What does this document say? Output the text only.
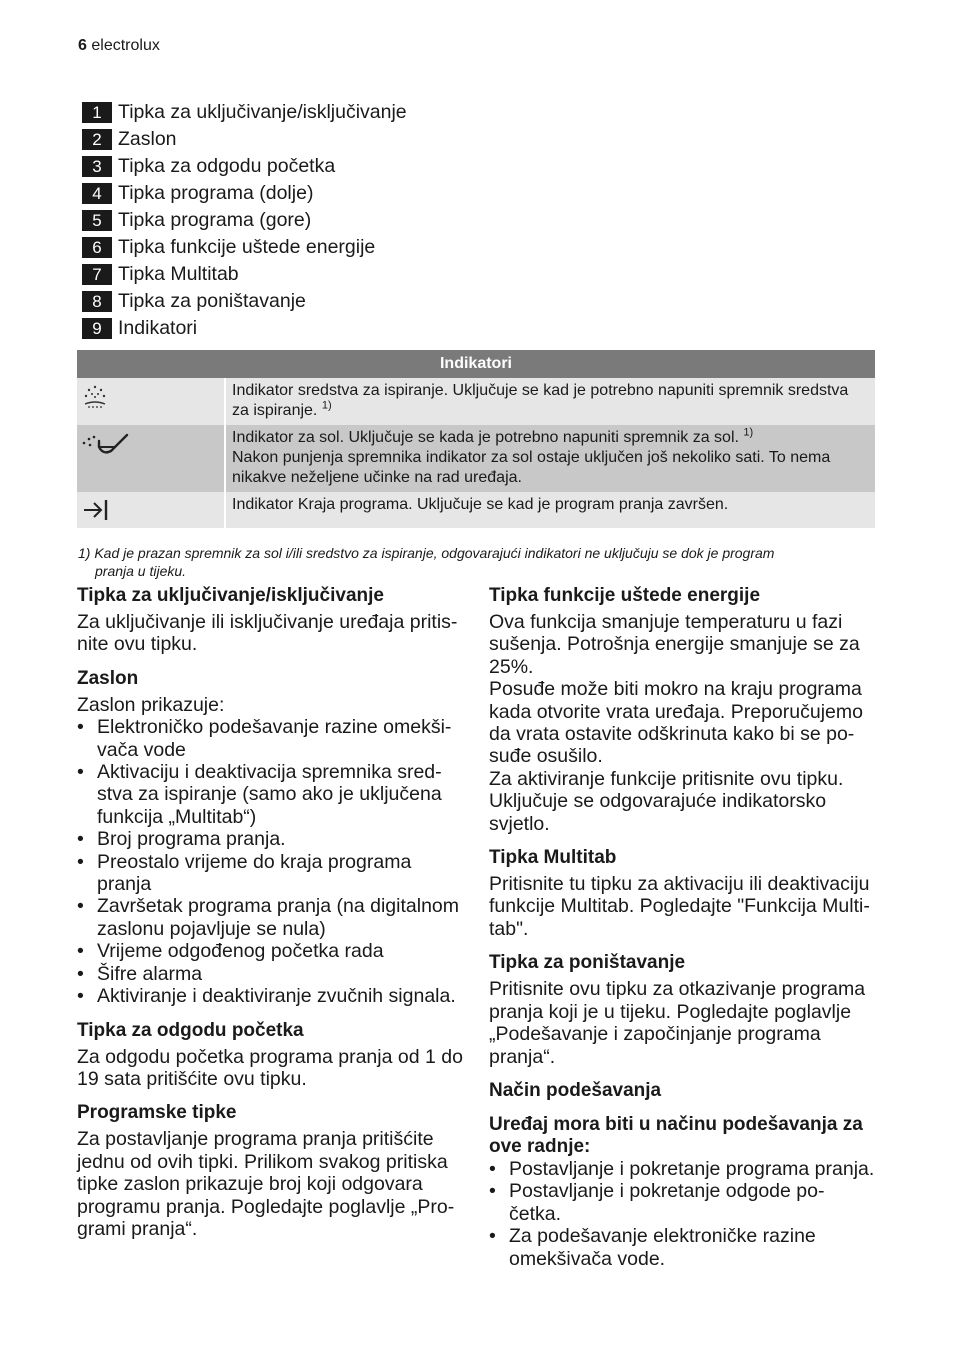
6 electrolux
1 Tipka za uključivanje/isključivanje
2 Zaslon
3 Tipka za odgodu početka
4 Tipka programa (dolje)
5 Tipka programa (gore)
6 Tipka funkcije uštede energije
7 Tipka Multitab
8 Tipka za poništavanje
9 Indikatori
Indikatori	
	Indikator sredstva za ispiranje. Uključuje se kad je potrebno napuniti spremnik sredstva za ispiranje. $^{1)}$
	Indikator za sol. Uključuje se kada je potrebno napuniti spremnik za sol. $^{1)}$
Nakon punjenja spremnika indikator za sol ostaje uključen još nekoliko sati. To nema nikakve neželjene učinke na rad uređaja.
	Indikator Kraja programa. Uključuje se kad je program pranja završen.
1) Kad je prazan spremnik za sol i/ili sredstvo za ispiranje, odgovarajući indikatori ne uključuju se dok je program
pranja u tijeku.
Tipka za uključivanje/isključivanje

Za uključivanje ili isključivanje uređaja pritis- nite ovu tipku.

Zaslon

Zaslon prikazuje:

• Elektroničko podešavanje razine omekši- vača vode
• Aktivaciju i deaktivacija spremnika sred- stva za ispiranje (samo ako je uključena funkcija „Multitab“)
• Broj programa pranja.
• Preostalo vrijeme do kraja programa pranja
• Završetak programa pranja (na digitalnom zaslonu pojavljuje se nula)
• Vrijeme odgođenog početka rada
• Šifre alarma
• Aktiviranje i deaktiviranje zvučnih signala.
Tipka za odgodu početka

Za odgodu početka programa pranja od 1 do 19 sata pritišćite ovu tipku.

Programske tipke

Za postavljanje programa pranja pritišćite jednu od ovih tipki. Prilikom svakog pritiska tipke zaslon prikazuje broj koji odgovara programu pranja. Pogledajte poglavlje „Pro- grami pranja“.

Tipka funkcije uštede energije

Ova funkcija smanjuje temperaturu u fazi sušenja. Potrošnja energije smanjuje se za 25%.

Posuđe može biti mokro na kraju programa kada otvorite vrata uređaja. Preporučujemo da vrata ostavite odškrinuta kako bi se po- suđe osušilo.

Za aktiviranje funkcije pritisnite ovu tipku. Uključuje se odgovarajuće indikatorsko svjetlo.

Tipka Multitab

Pritisnite tu tipku za aktivaciju ili deaktivaciju funkcije Multitab. Pogledajte "Funkcija Multi- tab".

Tipka za poništavanje

Pritisnite ovu tipku za otkazivanje programa pranja koji je u tijeku. Pogledajte poglavlje „Podešavanje i započinjanje programa pranja“.

Način podešavanja
Uređaj mora biti u načinu podešavanja za ove radnje:
• Postavljanje i pokretanje programa pranja.
• Postavljanje i pokretanje odgode po- četka.
• Za podešavanje elektroničke razine omekšivača vode.
